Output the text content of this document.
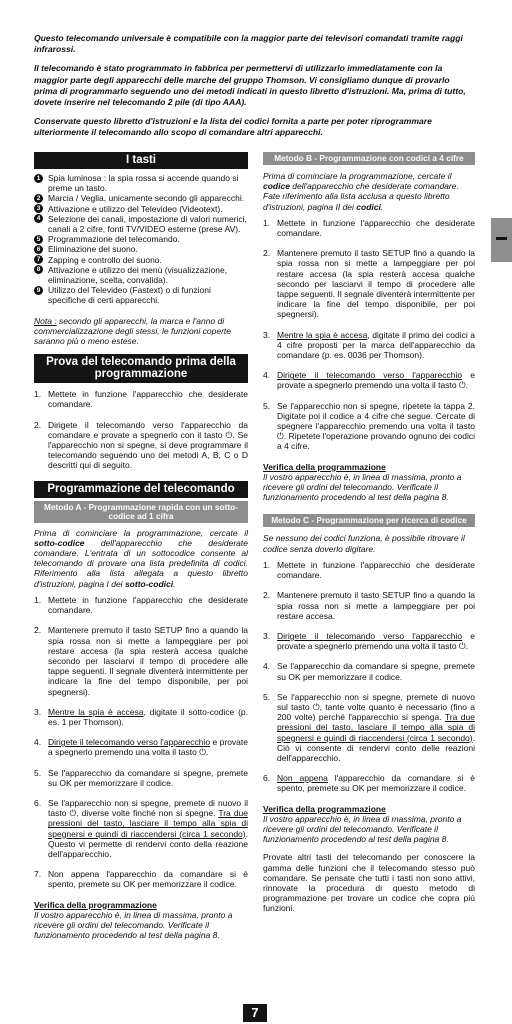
Questo telecomando universale è compatibile con la maggior parte dei televisori comandati tramite raggi infrarossi.

Il telecomando è stato programmato in fabbrica per permettervi di utilizzarlo immediatamente con la maggior parte degli apparecchi delle marche del gruppo Thomson. Vi consigliamo dunque di provarlo prima di programmarlo seguendo uno dei metodi indicati in questo libretto d'istruzioni. Ma, prima di tutto, dovete inserire nel telecomando 2 pile (di tipo AAA).

Conservate questo libretto d'istruzioni e la lista dei codici fornita a parte per poter riprogrammare ulteriormente il telecomando allo scopo di comandare altri apparecchi.

I tasti
1 Spia luminosa : la spia rossa si accende quando si preme un tasto.
2 Marcia / Veglia, unicamente secondo gli apparecchi.
3 Attivazione e utilizzo del Televideo (Videotext).
4 Selezione dei canali, impostazione di valori numerici, canali a 2 cifre, fonti TV/VIDEO esterne (prese AV).
5 Programmazione del telecomando.
6 Eliminazione del suono.
7 Zapping e controllo del suono.
8 Attivazione e utilizzo dei menù (visualizzazione, eliminazione, scelta, convalida).
9 Utilizzo del Televideo (Fastext) o di funzioni specifiche di certi apparecchi.
Nota : secondo gli apparecchi, la marca e l'anno di commercializzazione degli stessi, le funzioni coperte saranno più o meno estese.
Prova del telecomando prima della programmazione
1. Mettete in funzione l'apparecchio che desiderate comandare.
2. Dirigete il telecomando verso l'apparecchio da comandare e provate a spegnerlo con il tasto ⏻. Se l'apparecchio non si spegne, si deve programmare il telecomando seguendo uno dei metodi A, B, C o D descritti qui di seguito.
Programmazione del telecomando
Metodo A - Programmazione rapida con un sotto-codice ad 1 cifra
Prima di cominciare la programmazione, cercate il sotto-codice dell'apparecchio che desiderate comandare. L'entrata di un sottocodice consente al telecomando di provare una lista predefinita di codici. Riferimento alla lista allegata a questo libretto d'istruzioni, pagina I dei sotto-codici.
1. Mettete in funzione l'apparecchio che desiderate comandare.
2. Mantenere premuto il tasto SETUP fino a quando la spia rossa non si mette a lampeggiare per poi restare accesa (la spia resterà accesa qualche secondo per lasciarvi il tempo di procedere alle tappe seguenti. Il segnale diventerà intermittente per indicare la fine del tempo disponibile, per poi spegnersi).
3. Mentre la spia è accesa, digitate il sotto-codice (p. es. 1 per Thomson).
4. Dirigete il telecomando verso l'apparecchio e provate a spegnerlo premendo una volta il tasto ⏻.
5. Se l'apparecchio da comandare si spegne, premete su OK per memorizzare il codice.
6. Se l'apparecchio non si spegne, premete di nuovo il tasto ⏻, diverse volte finché non si spegne. Tra due pressioni del tasto, lasciare il tempo alla spia di spegnersi e quindi di riaccendersi (circa 1 secondo). Questo vi permette di rendervi conto della reazione dell'apparecchio.
7. Non appena l'apparecchio da comandare si è spento, premete su OK per memorizzare il codice.
Verifica della programmazione
Il vostro apparecchio è, in linea di massima, pronto a ricevere gli ordini del telecomando. Verificate il funzionamento procedendo al test della pagina 8.
Metodo B - Programmazione con codici a 4 cifre
Prima di cominciare la programmazione, cercate il codice dell'apparecchio che desiderate comandare. Fate riferimento alla lista acclusa a questo libretto d'istruzioni, pagina II dei codici.
1. Mettete in funzione l'apparecchio che desiderate comandare.
2. Mantenere premuto il tasto SETUP fino a quando la spia rossa non si mette a lampeggiare per poi restare accesa (la spia resterà accesa qualche secondo per lasciarvi il tempo di procedere alle tappe seguenti. Il segnale diventerà intermittente per indicare la fine del tempo disponibile, per poi spegnersi).
3. Mentre la spia è accesa, digitate il primo dei codici a 4 cifre proposti per la marca dell'apparecchio da comandare (p. es. 0036 per Thomson).
4. Dirigete il telecomando verso l'apparecchio e provate a spegnerlo premendo una volta il tasto ⏻.
5. Se l'apparecchio non si spegne, ripetete la tappa 2. Digitate poi il codice a 4 cifre che segue. Cercate di spegnere l'apparecchio premendo una volta il tasto ⏻. Ripetete l'operazione provando ognuno dei codici a 4 cifre.
Verifica della programmazione
Il vostro apparecchio è, in linea di massima, pronto a ricevere gli ordini del telecomando. Verificate il funzionamento procedendo al test della pagina 8.
Metodo C - Programmazione per ricerca di codice
Se nessuno dei codici funziona, è possibile ritrovare il codice senza doverlo digitare.
1. Mettete in funzione l'apparecchio che desiderate comandare.
2. Mantenere premuto il tasto SETUP fino a quando la spia rossa non si mette a lampeggiare per poi restare accesa.
3. Dirigete il telecomando verso l'apparecchio e provate a spegnerlo premendo una volta il tasto ⏻.
4. Se l'apparecchio da comandare si spegne, premete su OK per memorizzare il codice.
5. Se l'apparecchio non si spegne, premete di nuovo sul tasto ⏻, tante volte quanto è necessario (fino a 200 volte) perché l'apparecchio si spenga. Tra due pressioni del tasto, lasciare il tempo alla spia di spegnersi e quindi di riaccendersi (circa 1 secondo). Ciò vi consente di rendervi conto delle reazioni dell'apparecchio.
6. Non appena l'apparecchio da comandare si è spento, premete su OK per memorizzare il codice.
Verifica della programmazione
Il vostro apparecchio è, in linea di massima, pronto a ricevere gli ordini del telecomando. Verificate il funzionamento procedendo al test della pagina 8.
Provate altri tasti del telecomando per conoscere la gamma delle funzioni che il telecomando stesso può comandare. Se pensate che tutti i tasti non sono attivi, rinnovate la procedura di questo metodo di programmazione per trovare un codice che copra più funzioni.
7
